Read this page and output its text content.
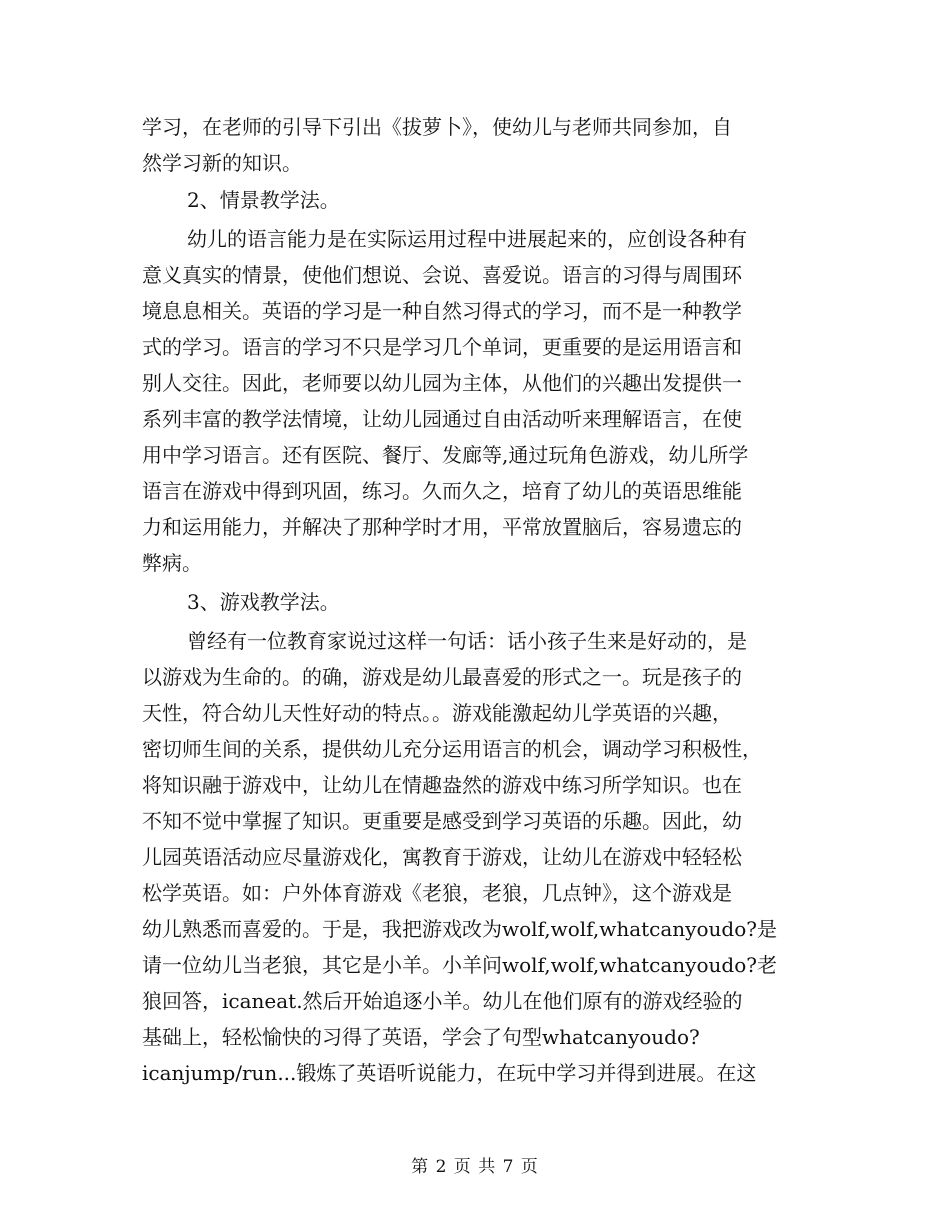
学习，在老师的引导下引出《拔萝卜》，使幼儿与老师共同参加，自
然学习新的知识。
2、情景教学法。
幼儿的语言能力是在实际运用过程中进展起来的，应创设各种有
意义真实的情景，使他们想说、会说、喜爱说。语言的习得与周围环
境息息相关。英语的学习是一种自然习得式的学习，而不是一种教学
式的学习。语言的学习不只是学习几个单词，更重要的是运用语言和
别人交往。因此，老师要以幼儿园为主体，从他们的兴趣出发提供一
系列丰富的教学法情境，让幼儿园通过自由活动听来理解语言，在使
用中学习语言。还有医院、餐厅、发廊等,通过玩角色游戏，幼儿所学
语言在游戏中得到巩固，练习。久而久之，培育了幼儿的英语思维能
力和运用能力，并解决了那种学时才用，平常放置脑后，容易遗忘的
弊病。
3、游戏教学法。
曾经有一位教育家说过这样一句话：话小孩子生来是好动的，是
以游戏为生命的。的确，游戏是幼儿最喜爱的形式之一。玩是孩子的
天性，符合幼儿天性好动的特点。。游戏能激起幼儿学英语的兴趣，
密切师生间的关系，提供幼儿充分运用语言的机会，调动学习积极性，
将知识融于游戏中，让幼儿在情趣盎然的游戏中练习所学知识。也在
不知不觉中掌握了知识。更重要是感受到学习英语的乐趣。因此，幼
儿园英语活动应尽量游戏化，寓教育于游戏，让幼儿在游戏中轻轻松
松学英语。如：户外体育游戏《老狼，老狼，几点钟》，这个游戏是
幼儿熟悉而喜爱的。于是，我把游戏改为wolf,wolf,whatcanyoudo?是
请一位幼儿当老狼，其它是小羊。小羊问wolf,wolf,whatcanyoudo?老
狼回答，icaneat.然后开始追逐小羊。幼儿在他们原有的游戏经验的
基础上，轻松愉快的习得了英语，学会了句型whatcanyoudo?
icanjump/run...锻炼了英语听说能力，在玩中学习并得到进展。在这
第 2 页 共 7 页
